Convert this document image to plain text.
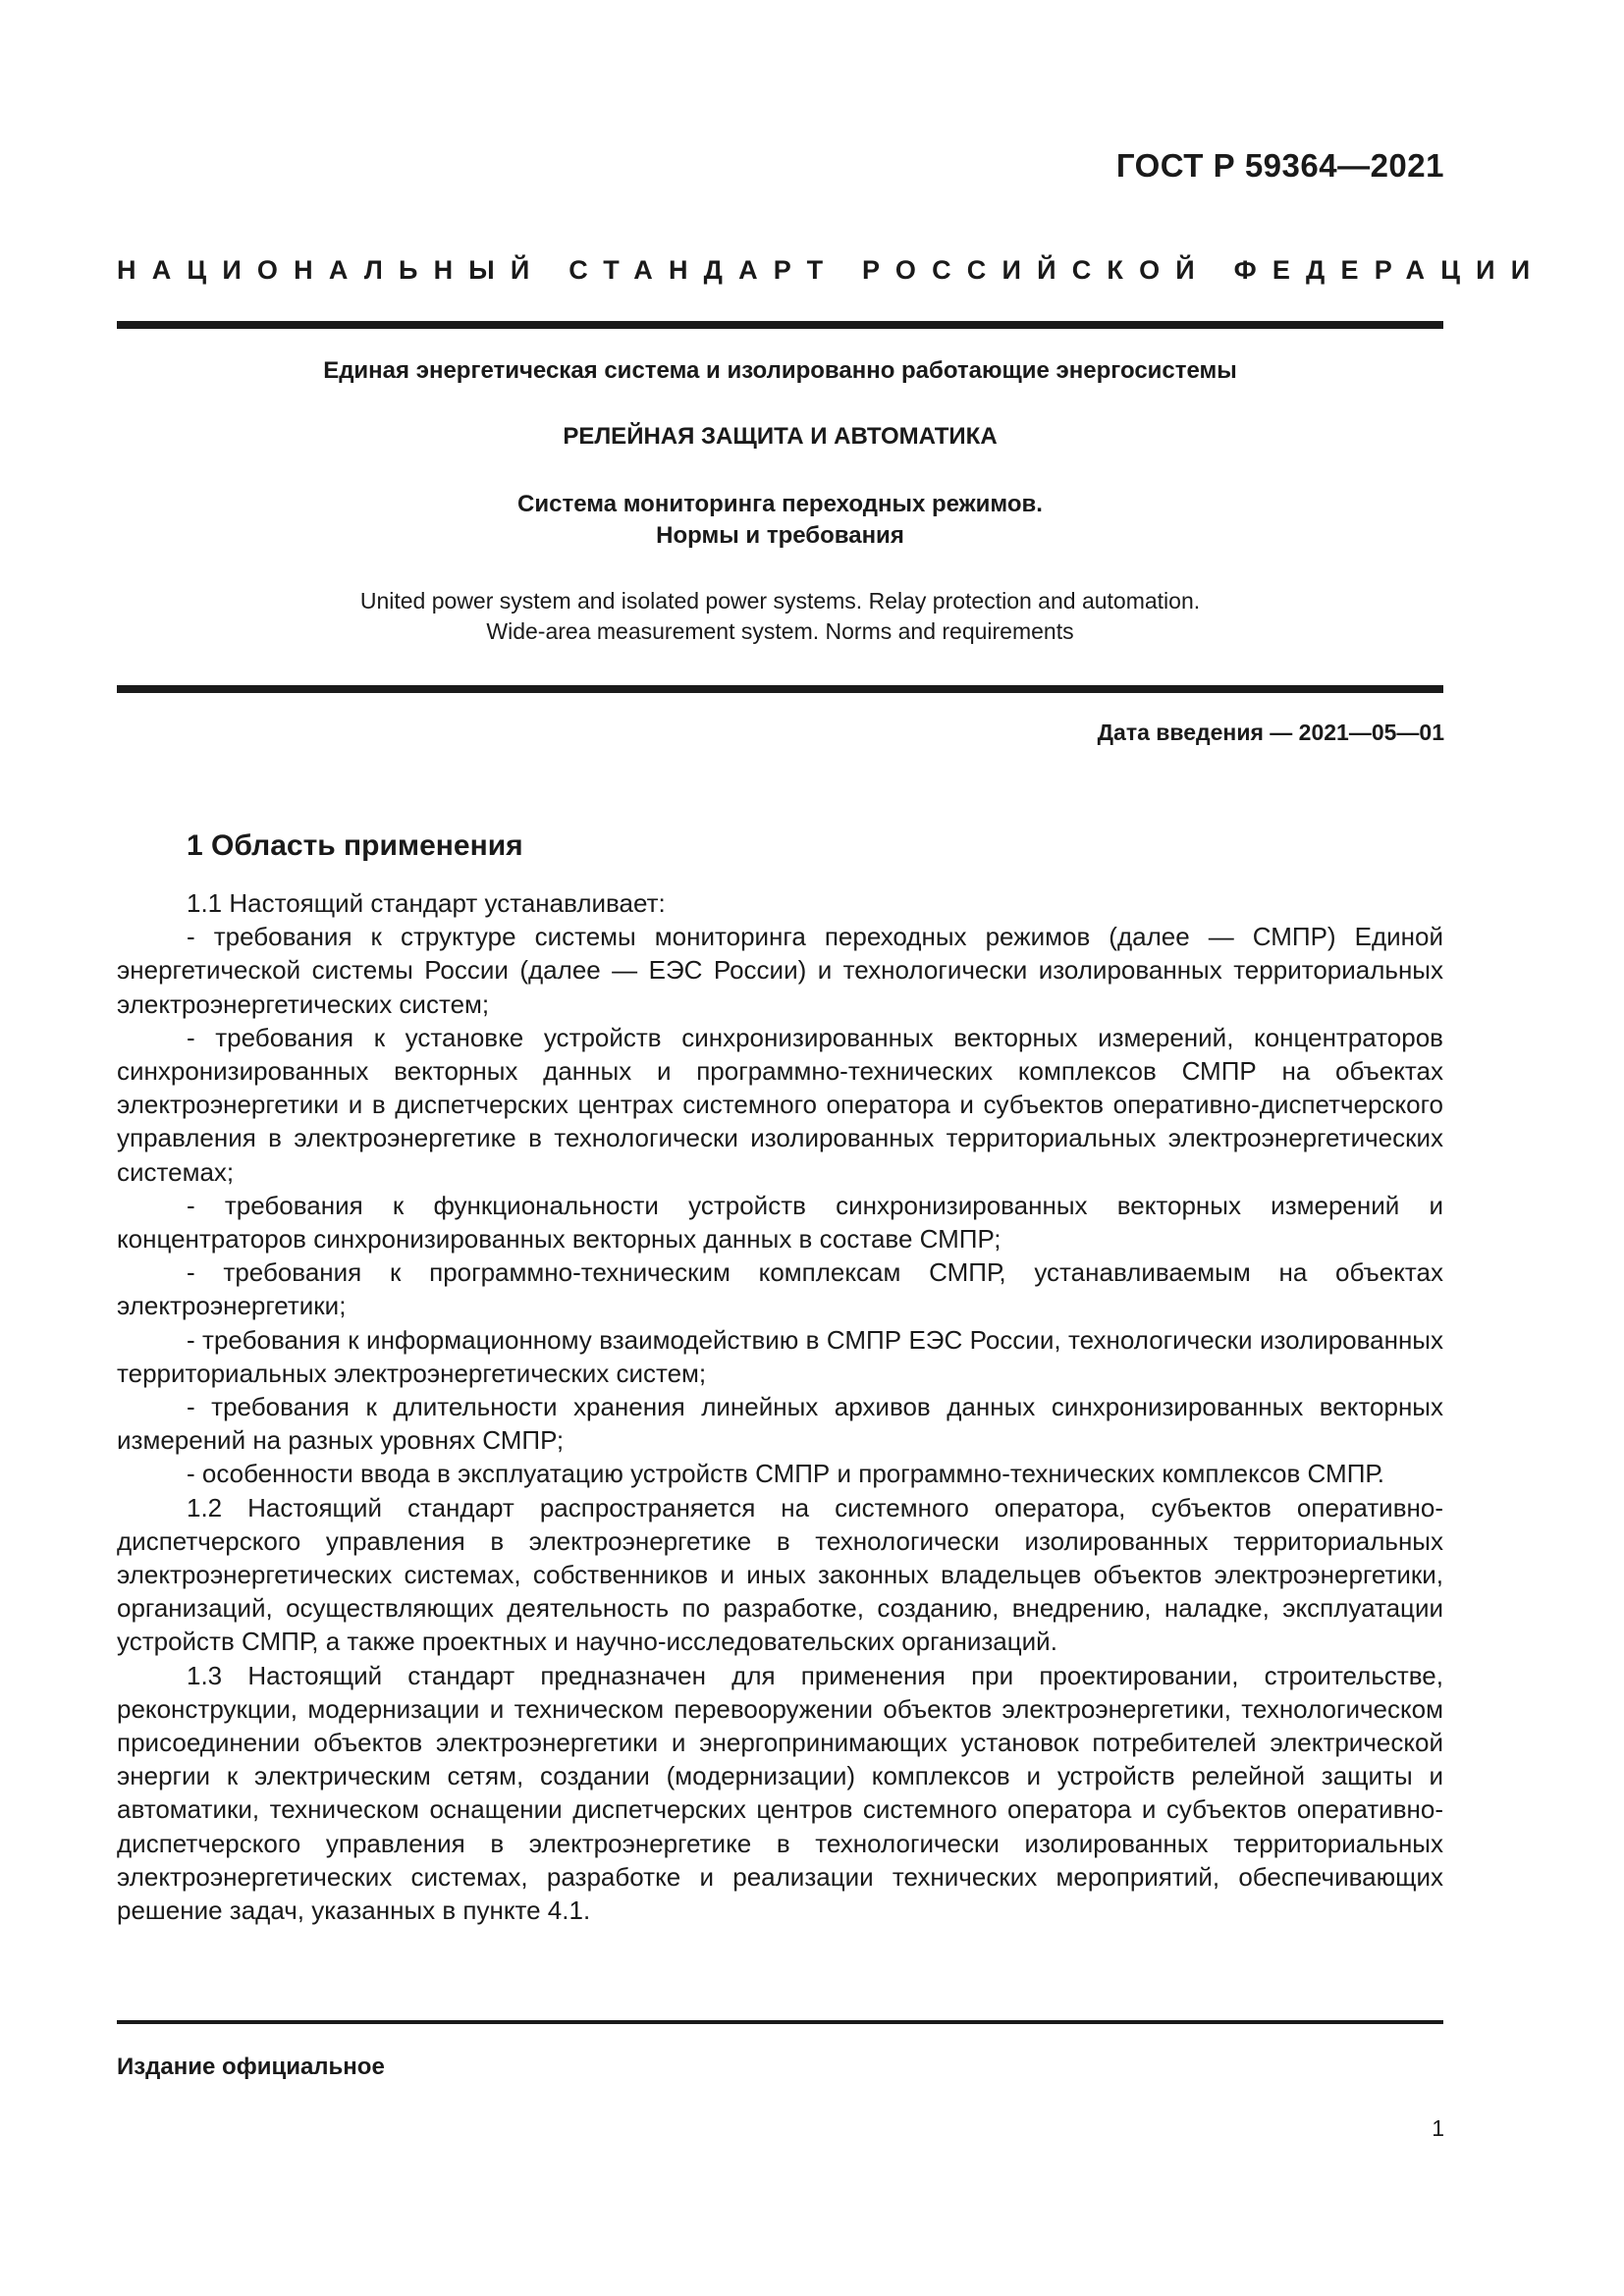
ГОСТ Р 59364—2021
НАЦИОНАЛЬНЫЙ СТАНДАРТ РОССИЙСКОЙ ФЕДЕРАЦИИ
Единая энергетическая система и изолированно работающие энергосистемы
РЕЛЕЙНАЯ ЗАЩИТА И АВТОМАТИКА
Система мониторинга переходных режимов.
Нормы и требования
United power system and isolated power systems. Relay protection and automation.
Wide-area measurement system. Norms and requirements
Дата введения — 2021—05—01
1 Область применения

1.1 Настоящий стандарт устанавливает:

- требования к структуре системы мониторинга переходных режимов (далее — СМПР) Единой энергетической системы России (далее — ЕЭС России) и технологически изолированных территориальных электроэнергетических систем;

- требования к установке устройств синхронизированных векторных измерений, концентраторов синхронизированных векторных данных и программно-технических комплексов СМПР на объектах электроэнергетики и в диспетчерских центрах системного оператора и субъектов оперативно-диспетчерского управления в электроэнергетике в технологически изолированных территориальных электроэнергетических системах;

- требования к функциональности устройств синхронизированных векторных измерений и концентраторов синхронизированных векторных данных в составе СМПР;

- требования к программно-техническим комплексам СМПР, устанавливаемым на объектах электроэнергетики;

- требования к информационному взаимодействию в СМПР ЕЭС России, технологически изолированных территориальных электроэнергетических систем;

- требования к длительности хранения линейных архивов данных синхронизированных векторных измерений на разных уровнях СМПР;

- особенности ввода в эксплуатацию устройств СМПР и программно-технических комплексов СМПР.

1.2 Настоящий стандарт распространяется на системного оператора, субъектов оперативно-диспетчерского управления в электроэнергетике в технологически изолированных территориальных электроэнергетических системах, собственников и иных законных владельцев объектов электроэнергетики, организаций, осуществляющих деятельность по разработке, созданию, внедрению, наладке, эксплуатации устройств СМПР, а также проектных и научно-исследовательских организаций.

1.3 Настоящий стандарт предназначен для применения при проектировании, строительстве, реконструкции, модернизации и техническом перевооружении объектов электроэнергетики, технологическом присоединении объектов электроэнергетики и энергопринимающих установок потребителей электрической энергии к электрическим сетям, создании (модернизации) комплексов и устройств релейной защиты и автоматики, техническом оснащении диспетчерских центров системного оператора и субъектов оперативно-диспетчерского управления в электроэнергетике в технологически изолированных территориальных электроэнергетических системах, разработке и реализации технических мероприятий, обеспечивающих решение задач, указанных в пункте 4.1.

Издание официальное
1
